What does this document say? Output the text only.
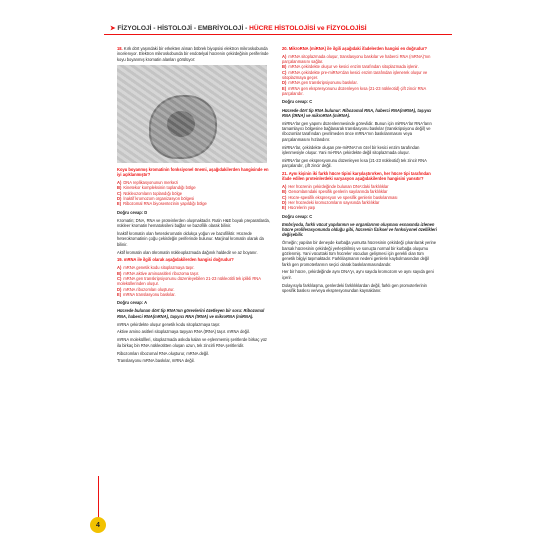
➤ FİZYOLOJİ - HİSTOLOJİ - EMBRİYOLOJİ - HÜCRE HİSTOLOJİSİ ve FİZYOLOJİSİ

18. Kırk dört yaşındaki bir erkekten alınan böbrek biyopsisi elektron mikroskobunda incelenıyor. Elektron mikroskobunda bir endotelyal hücrenin çekirdeğinin periferinde koyu boyanmış kromatin alanları görülüyor:

Koyu boyanmış kromatinin fonksiyonel önemi, aşağıdakilerden hangisinde en iyi açıklanmıştır?

A) DNA replikasyonunun merkezi

B) Kinetekor kompleksinin toplandığı bölge

C) Nükleozomların toplandığı bölge

D) İnaktif kromozom organizasyon bölgesi

E) Ribozomal RNA biyosentezinin yapıldığı bölge

Doğru cevap: D

Kromatin; DNA, RNA ve proteinlerden oluşmaktadır. Rutin H&E boyalı preparatlarda, nükleer kromatin hematoksileni bağlar ve bazofilik olarak bilinir.

İnaktif kromatin olan heterokromatin oldukça yoğun ve bazofiliktir. Hücrede heterokromatinin çoğu çekirdeğin periferinde bulunur. Marjinal kromatin olarak da bilinir.

Aktif kromatin olan ökromatin nükleoplazmada dağınık haldedir ve az boyanır.

19. mRNA ile ilgili olarak aşağıdakilerden hangisi doğrudur?

A) mRNA genetik kodu sitoplazmaya taşır.

B) mRNA aktive aminoasitleri ribozoma taşır.

C) mRNA gen transkripsiyonunu düzenleyebilen 21-23 nükleotitli tek iplikli RNA moleküllerinden oluşur.

D) mRNA ribozomları oluşturur.

E) mRNA translasyonu baskılar.

Doğru cevap: A

Hücrede bulunan dört tip RNA'nın görevlerini özetleyen bir soru: Ribozomal RNA, haberci RNA(mRNA), taşıyıcı RNA (tRNA) ve mikroRNA (miRNA).

mRNA çekirdekte oluşur genetik kodu sitoplazmaya taşır.

Aktive amino asitleri sitoplazmaya taşıyan RNA (tRNA) taşır. mRNA değil.

mRNA moleküllleri, sitoplazmada askıda kalan ve eşlenmemiş şeritlerde birkaç yüz ila birkaç bin RNA nükleotitten oluşan uzun, tek zincirli RNA şeritleridir.

Ribozomları ribozomal RNA oluşturur, mRNA değil.

Translasyonu mRNA baskılar, mRNA değil.

20. MikroRNA (miRNA) ile ilgili aşağıdaki ifadelerden hangisi en doğrudur?

A) mRNA sitoplazmada oluşur, translasyonu baskılar ve haberci RNA (mRNA)'nın parçalanmasını sağlar.

B) mRNA çekirdekte oluşur ve kesici enzim tarafından sitoplazmada işlenir.

C) mRNA çekirdekte pre-miRNA'dan kesici enzim tarafından işlenerek oluşur ve sitoplazmaya geçer.

D) mRNA gen transkripsiyonunu baskılar.

E) mRNA gen ekspresyonunu düzenleyen kısa (21-23 nükleotid) çift zincir RNA parçalarıdır.

Doğru cevap: C

Hücrede dört tip RNA bulunur: Ribozomal RNA, haberci RNA(mRNA), taşıyıcı RNA (tRNA) ve mikroRNA (miRNA).

miRNA'lar gen yapımı düzenlenmesinde görevlidir. Bunun için miRNA'lar RNA'ların tamamlayıcı bölgesine bağlanarak translasyonu baskılar (transkripsiyonu değil) ve ribozomlar tarafından çevrilmeden önce mRNA'nın baskılanmasını veya parçalanmasını hızlandırır.

miRNA'lar, çekirdekte oluşan pre-miRNA'nın özel bir kesici enzim tarafından işlenmesiyle oluşur. Yani mi-RNA çekirdekte değil sitoplazmada oluşur.

miRNA'lar gen ekspresyonunu düzenleyen kısa (21-23 nükleotid) tek zincir RNA parçalarıdır, çift zincir değil.

21. Aynı kişinin iki farklı hücre tipini karşılaştırırken, her hücre tipi tarafından ifade edilen proteinlerdeki varyasyon aşağıdakilerden hangisini yansıtır?

A) Her hücrenin çekirdeğinde bulunan DNA'daki farklılıklar

B) Genomlarındaki spesifik genlerin sayılarında farklılıklar

C) Hücre-spesifik ekspresyon ve spesifik genlerin baskılanması

D) Her hücredeki kromozomların sayısında farklılıklar

E) Hücrelerin yaşı

Doğru cevap: C

Embriyoda, farklı vücut yapılarının ve organlarının oluşması esnasında izlenen hücre proliferasyonunda olduğu gibi, hücrenin fiziksel ve fonksiyonel özellikleri değişebilir.

Örneğin; yapılan bir deneyde kurbağa yumurta hücresinin çekirdeği çıkarılarak yerine barsak hücresinin çekirdeği yerleştirilmiş ve sonuçta normal bir kurbağa oluşumu gözlenmiş. Yani vücuttaki tüm hücreler vücudun gelişmesi için gerekli olan tüm genetik bilgiyi taşımaktadır. Farklılaşmanın nedeni genlerin kaybolmasından değil farklı gen promoterlarının seçici olarak baskılanmasındandır.

Her bir hücre, çekirdeğinde aynı DNA'yı, aynı sayıda kromozom ve aynı sayıda geni içerir.

Dolayısıyla farklılaşma, genlerdeki farklılıklardan değil, farklı gen promoterlerinin spesifik baskısı ve/veya ekspresyonundan kaynaklanır.

4
